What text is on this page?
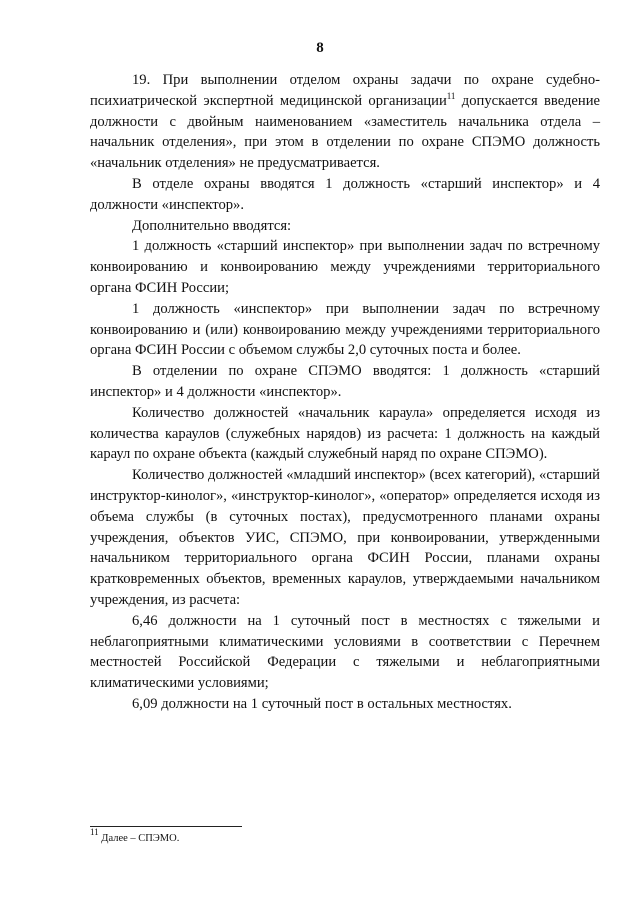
8

19. При выполнении отделом охраны задачи по охране судебно-психиатрической экспертной медицинской организации$^{11}$ допускается введение должности с двойным наименованием «заместитель начальника отдела – начальник отделения», при этом в отделении по охране СПЭМО должность «начальник отделения» не предусматривается.

В отделе охраны вводятся 1 должность «старший инспектор» и 4 должности «инспектор».

Дополнительно вводятся:

1 должность «старший инспектор» при выполнении задач по встречному конвоированию и конвоированию между учреждениями территориального органа ФСИН России;

1 должность «инспектор» при выполнении задач по встречному конвоированию и (или) конвоированию между учреждениями территориального органа ФСИН России с объемом службы 2,0 суточных поста и более.

В отделении по охране СПЭМО вводятся: 1 должность «старший инспектор» и 4 должности «инспектор».

Количество должностей «начальник караула» определяется исходя из количества караулов (служебных нарядов) из расчета: 1 должность на каждый караул по охране объекта (каждый служебный наряд по охране СПЭМО).

Количество должностей «младший инспектор» (всех категорий), «старший инструктор-кинолог», «инструктор-кинолог», «оператор» определяется исходя из объема службы (в суточных постах), предусмотренного планами охраны учреждения, объектов УИС, СПЭМО, при конвоировании, утвержденными начальником территориального органа ФСИН России, планами охраны кратковременных объектов, временных караулов, утверждаемыми начальником учреждения, из расчета:

6,46 должности на 1 суточный пост в местностях с тяжелыми и неблагоприятными климатическими условиями в соответствии с Перечнем местностей Российской Федерации с тяжелыми и неблагоприятными климатическими условиями;

6,09 должности на 1 суточный пост в остальных местностях.

$^{11}$ Далее – СПЭМО.
